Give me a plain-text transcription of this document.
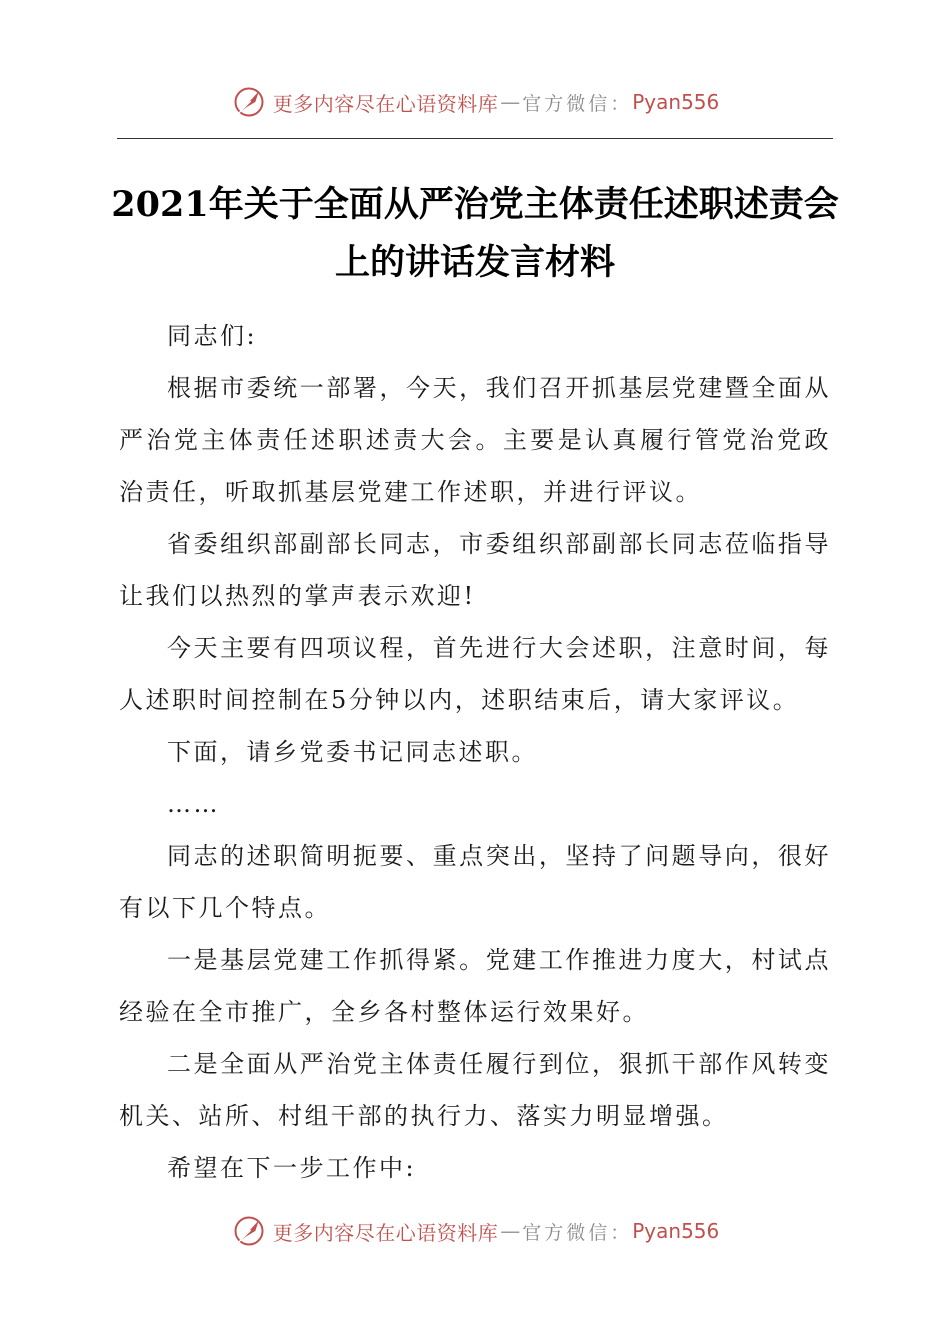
更多内容尽在心语资料库 — 官方微信： Pyan556
2021年关于全面从严治党主体责任述职述责会
上的讲话发言材料

同志们:

根据市委统一部署，今天，我们召开抓基层党建暨全面从严治党主体责任述职述责大会。主要是认真履行管党治党政治责任，听取抓基层党建工作述职，并进行评议。

省委组织部副部长同志，市委组织部副部长同志莅临指导让我们以热烈的掌声表示欢迎!

今天主要有四项议程，首先进行大会述职，注意时间，每人述职时间控制在5分钟以内，述职结束后，请大家评议。

下面，请乡党委书记同志述职。

……

同志的述职简明扼要、重点突出，坚持了问题导向，很好有以下几个特点。

一是基层党建工作抓得紧。党建工作推进力度大，村试点经验在全市推广，全乡各村整体运行效果好。

二是全面从严治党主体责任履行到位，狠抓干部作风转变机关、站所、村组干部的执行力、落实力明显增强。

希望在下一步工作中:

更多内容尽在心语资料库 — 官方微信： Pyan556
